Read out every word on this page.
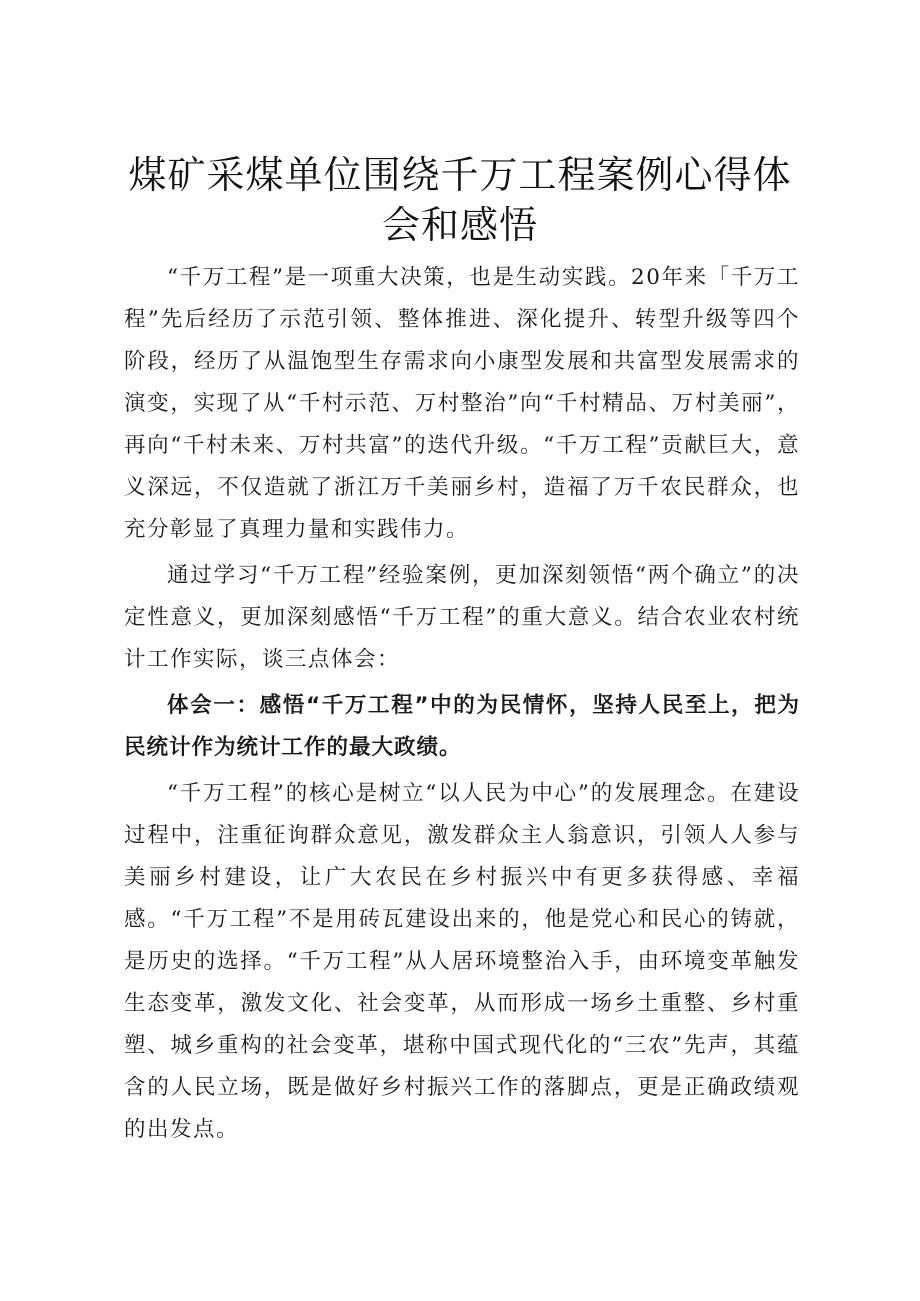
煤矿采煤单位围绕千万工程案例心得体会和感悟

“千万工程”是一项重大决策，也是生动实践。20年来「千万工程”先后经历了示范引领、整体推进、深化提升、转型升级等四个阶段，经历了从温饱型生存需求向小康型发展和共富型发展需求的演变，实现了从“千村示范、万村整治”向“千村精品、万村美丽”，再向“千村未来、万村共富”的迭代升级。“千万工程”贡献巨大，意义深远，不仅造就了浙江万千美丽乡村，造福了万千农民群众，也充分彰显了真理力量和实践伟力。

通过学习“千万工程”经验案例，更加深刻领悟“两个确立”的决定性意义，更加深刻感悟“千万工程”的重大意义。结合农业农村统计工作实际，谈三点体会：

体会一：感悟“千万工程”中的为民情怀，坚持人民至上，把为民统计作为统计工作的最大政绩。

“千万工程”的核心是树立“以人民为中心”的发展理念。在建设过程中，注重征询群众意见，激发群众主人翁意识，引领人人参与美丽乡村建设，让广大农民在乡村振兴中有更多获得感、幸福感。“千万工程”不是用砖瓦建设出来的，他是党心和民心的铸就，是历史的选择。“千万工程”从人居环境整治入手，由环境变革触发生态变革，激发文化、社会变革，从而形成一场乡土重整、乡村重塑、城乡重构的社会变革，堪称中国式现代化的“三农”先声，其蕴含的人民立场，既是做好乡村振兴工作的落脚点，更是正确政绩观的出发点。
